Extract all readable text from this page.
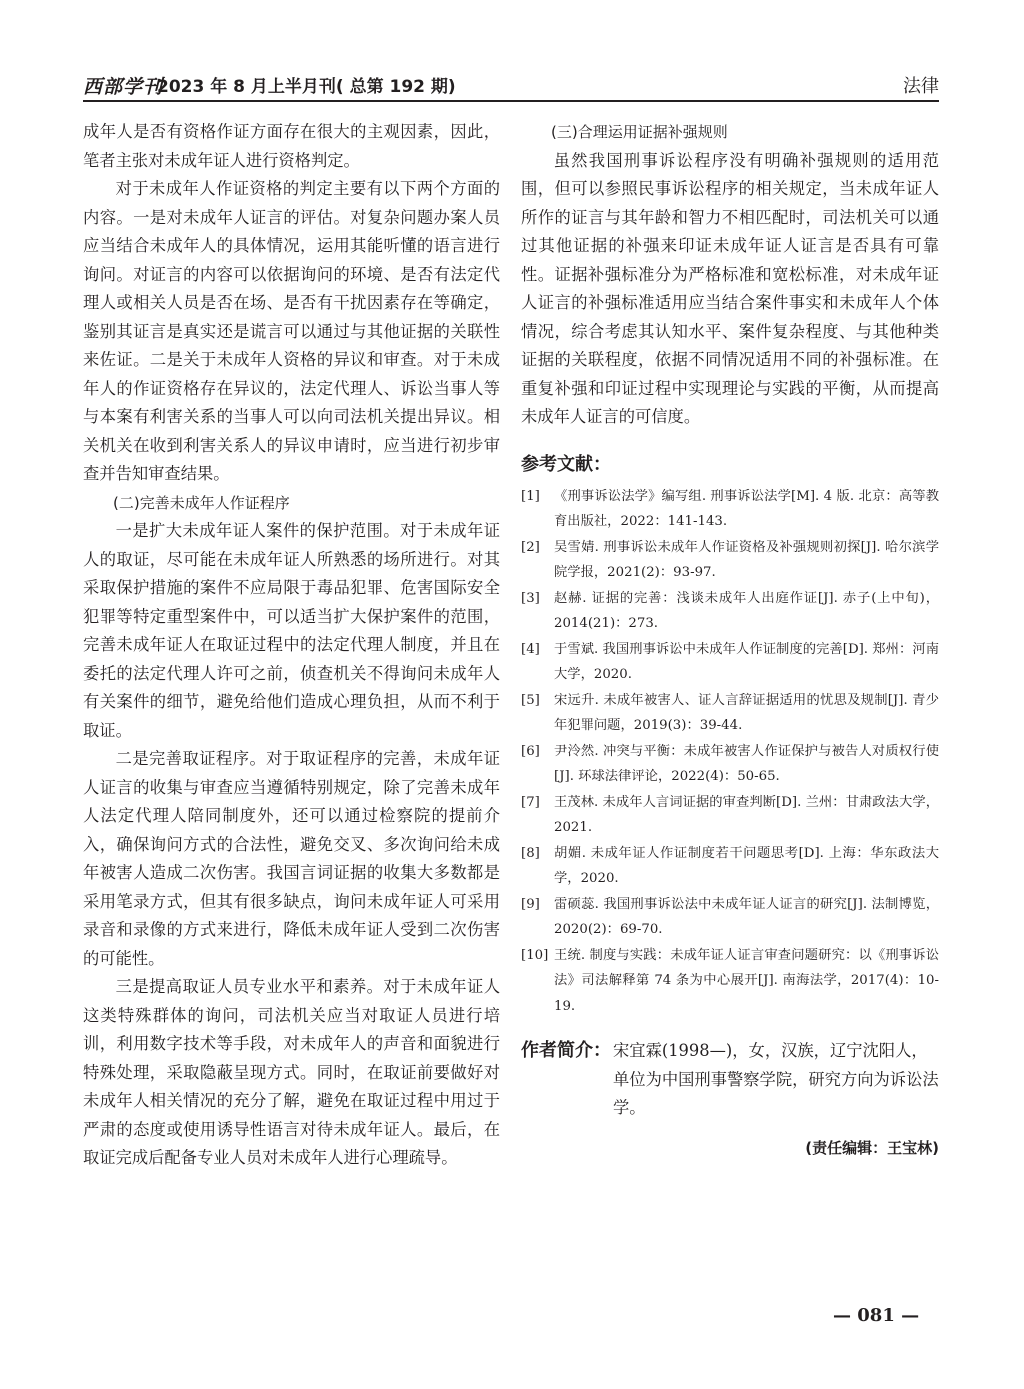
西部学刊
2023 年 8 月上半月刊( 总第 192 期)	法律

成年人是否有资格作证方面存在很大的主观因素，因此，笔者主张对未成年证人进行资格判定。

对于未成年人作证资格的判定主要有以下两个方面的内容。一是对未成年人证言的评估。对复杂问题办案人员应当结合未成年人的具体情况，运用其能听懂的语言进行询问。对证言的内容可以依据询问的环境、是否有法定代理人或相关人员是否在场、是否有干扰因素存在等确定，鉴别其证言是真实还是谎言可以通过与其他证据的关联性来佐证。二是关于未成年人资格的异议和审查。对于未成年人的作证资格存在异议的，法定代理人、诉讼当事人等与本案有利害关系的当事人可以向司法机关提出异议。相关机关在收到利害关系人的异议申请时，应当进行初步审查并告知审查结果。

(二)完善未成年人作证程序

一是扩大未成年证人案件的保护范围。对于未成年证人的取证，尽可能在未成年证人所熟悉的场所进行。对其采取保护措施的案件不应局限于毒品犯罪、危害国际安全犯罪等特定重型案件中，可以适当扩大保护案件的范围，完善未成年证人在取证过程中的法定代理人制度，并且在委托的法定代理人许可之前，侦查机关不得询问未成年人有关案件的细节，避免给他们造成心理负担，从而不利于取证。

二是完善取证程序。对于取证程序的完善，未成年证人证言的收集与审查应当遵循特别规定，除了完善未成年人法定代理人陪同制度外，还可以通过检察院的提前介入，确保询问方式的合法性，避免交叉、多次询问给未成年被害人造成二次伤害。我国言词证据的收集大多数都是采用笔录方式，但其有很多缺点，询问未成年证人可采用录音和录像的方式来进行，降低未成年证人受到二次伤害的可能性。

三是提高取证人员专业水平和素养。对于未成年证人这类特殊群体的询问，司法机关应当对取证人员进行培训，利用数字技术等手段，对未成年人的声音和面貌进行特殊处理，采取隐蔽呈现方式。同时，在取证前要做好对未成年人相关情况的充分了解，避免在取证过程中用过于严肃的态度或使用诱导性语言对待未成年证人。最后，在取证完成后配备专业人员对未成年人进行心理疏导。

(三)合理运用证据补强规则

虽然我国刑事诉讼程序没有明确补强规则的适用范围，但可以参照民事诉讼程序的相关规定，当未成年证人所作的证言与其年龄和智力不相匹配时，司法机关可以通过其他证据的补强来印证未成年证人证言是否具有可靠性。证据补强标准分为严格标准和宽松标准，对未成年证人证言的补强标准适用应当结合案件事实和未成年人个体情况，综合考虑其认知水平、案件复杂程度、与其他种类证据的关联程度，依据不同情况适用不同的补强标准。在重复补强和印证过程中实现理论与实践的平衡，从而提高未成年人证言的可信度。

参考文献：
[1] 《刑事诉讼法学》编写组. 刑事诉讼法学[M]. 4 版. 北京：高等教育出版社，2022：141-143.
[2] 吴雪婧. 刑事诉讼未成年人作证资格及补强规则初探[J]. 哈尔滨学院学报，2021(2)：93-97.
[3] 赵赫. 证据的完善：浅谈未成年人出庭作证[J]. 赤子(上中旬)，2014(21)：273.
[4] 于雪斌. 我国刑事诉讼中未成年人作证制度的完善[D]. 郑州：河南大学，2020.
[5] 宋远升. 未成年被害人、证人言辞证据适用的忧思及规制[J]. 青少年犯罪问题，2019(3)：39-44.
[6] 尹泠然. 冲突与平衡：未成年被害人作证保护与被告人对质权行使[J]. 环球法律评论，2022(4)：50-65.
[7] 王茂林. 未成年人言词证据的审查判断[D]. 兰州：甘肃政法大学，2021.
[8] 胡媚. 未成年证人作证制度若干问题思考[D]. 上海：华东政法大学，2020.
[9] 雷硕蕊. 我国刑事诉讼法中未成年证人证言的研究[J]. 法制博览，2020(2)：69-70.
[10] 王统. 制度与实践：未成年证人证言审查问题研究：以《刑事诉讼法》司法解释第 74 条为中心展开[J]. 南海法学，2017(4)：10-19.
作者简介： 宋宜霖(1998—)，女，汉族，辽宁沈阳人，单位为中国刑事警察学院，研究方向为诉讼法学。
(责任编辑：王宝林)
— 081 —
